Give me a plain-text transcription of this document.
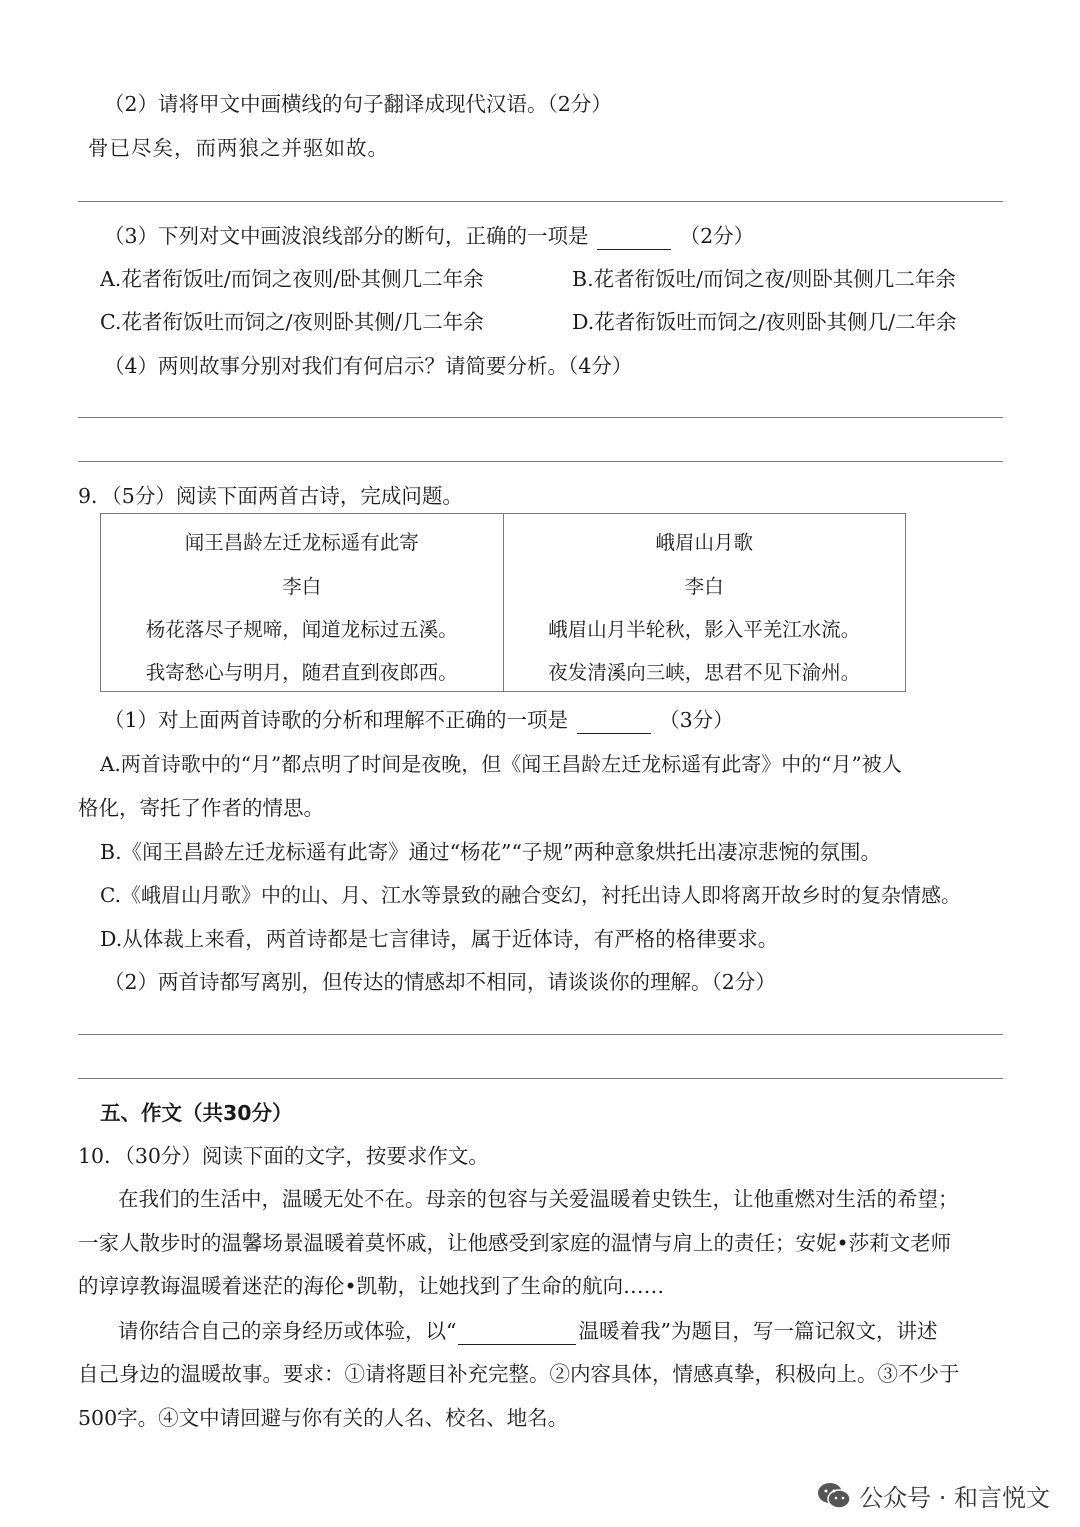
（2）请将甲文中画横线的句子翻译成现代汉语。（2分）
骨已尽矣，而两狼之并驱如故。
（3）下列对文中画波浪线部分的断句，正确的一项是	（2分）
A.花者衔饭吐/而饲之夜则/卧其侧几二年余	B.花者衔饭吐/而饲之夜/则卧其侧几二年余
C.花者衔饭吐而饲之/夜则卧其侧/几二年余	D.花者衔饭吐而饲之/夜则卧其侧几/二年余
（4）两则故事分别对我们有何启示？请简要分析。（4分）
9．（5分）阅读下面两首古诗，完成问题。
闻王昌龄左迁龙标遥有此寄
李白
杨花落尽子规啼，闻道龙标过五溪。
我寄愁心与明月，随君直到夜郎西。

峨眉山月歌
李白
峨眉山月半轮秋，影入平羌江水流。
夜发清溪向三峡，思君不见下渝州。
（1）对上面两首诗歌的分析和理解不正确的一项是	（3分）
A.两首诗歌中的“月”都点明了时间是夜晚，但《闻王昌龄左迁龙标遥有此寄》中的“月”被人
格化，寄托了作者的情思。
B.《闻王昌龄左迁龙标遥有此寄》通过“杨花”“子规”两种意象烘托出凄凉悲惋的氛围。
C.《峨眉山月歌》中的山、月、江水等景致的融合变幻，衬托出诗人即将离开故乡时的复杂情感。
D.从体裁上来看，两首诗都是七言律诗，属于近体诗，有严格的格律要求。
（2）两首诗都写离别，但传达的情感却不相同，请谈谈你的理解。（2分）
五、作文（共30分）
10．（30分）阅读下面的文字，按要求作文。
在我们的生活中，温暖无处不在。母亲的包容与关爱温暖着史铁生，让他重燃对生活的希望；
一家人散步时的温馨场景温暖着莫怀戚，让他感受到家庭的温情与肩上的责任；安妮•莎莉文老师
的谆谆教诲温暖着迷茫的海伦•凯勒，让她找到了生命的航向……
请你结合自己的亲身经历或体验，以“	温暖着我”为题目，写一篇记叙文，讲述
自己身边的温暖故事。要求：①请将题目补充完整。②内容具体，情感真挚，积极向上。③不少于
500字。④文中请回避与你有关的人名、校名、地名。
公众号 · 和言悦文
